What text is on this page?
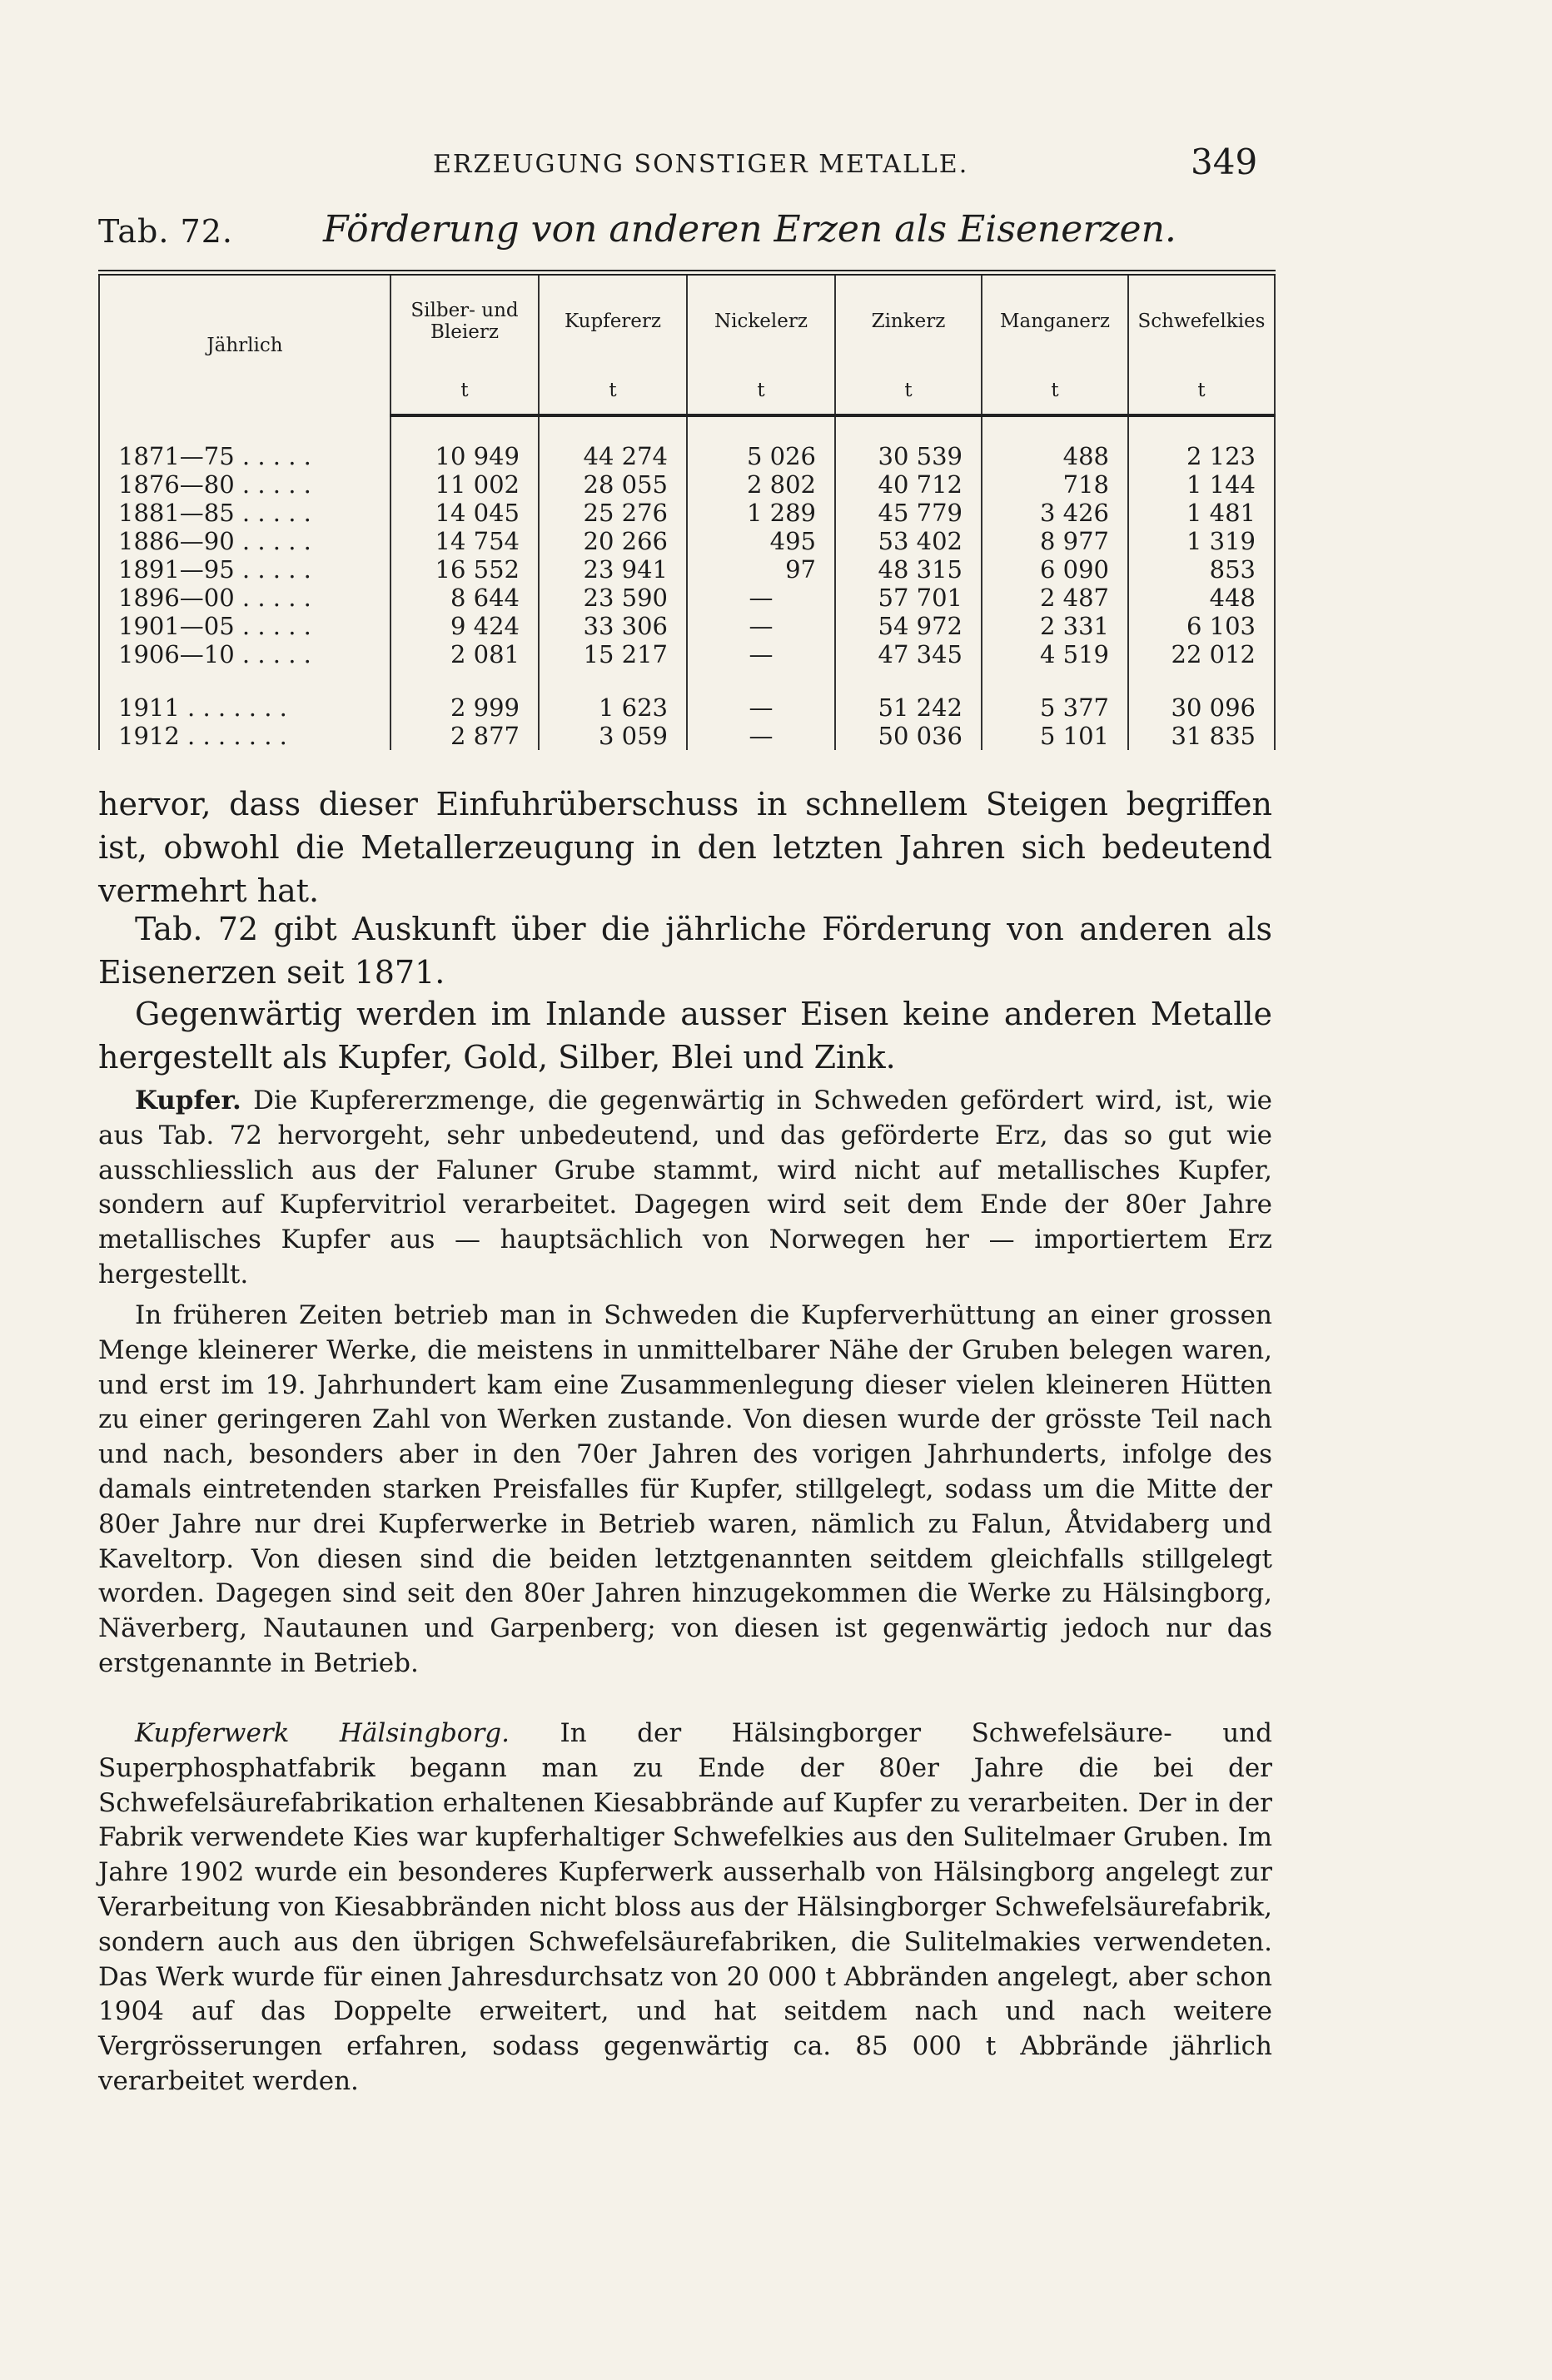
ERZEUGUNG SONSTIGER METALLE.	349
Tab. 72. Förderung von anderen Erzen als Eisenerzen.
Jährlich	Silber- und Bleierz	Kupfererz	Nickelerz	Zinkerz	Manganerz	Schwefelkies
	t	t	t	t	t	t

1871—75 . . . . .	10 949	44 274	5 026	30 539	488	2 123
1876—80 . . . . .	11 002	28 055	2 802	40 712	718	1 144
1881—85 . . . . .	14 045	25 276	1 289	45 779	3 426	1 481
1886—90 . . . . .	14 754	20 266	495	53 402	8 977	1 319
1891—95 . . . . .	16 552	23 941	97	48 315	6 090	853
1896—00 . . . . .	8 644	23 590	—	57 701	2 487	448
1901—05 . . . . .	9 424	33 306	—	54 972	2 331	6 103
1906—10 . . . . .	2 081	15 217	—	47 345	4 519	22 012

1911 . . . . . . .	2 999	1 623	—	51 242	5 377	30 096
1912 . . . . . . .	2 877	3 059	—	50 036	5 101	31 835

hervor, dass dieser Einfuhrüberschuss in schnellem Steigen begriffen ist, obwohl die Metallerzeugung in den letzten Jahren sich bedeutend vermehrt hat.

Tab. 72 gibt Auskunft über die jährliche Förderung von anderen als Eisenerzen seit 1871.

Gegenwärtig werden im Inlande ausser Eisen keine anderen Metalle hergestellt als Kupfer, Gold, Silber, Blei und Zink.

Kupfer. Die Kupfererzmenge, die gegenwärtig in Schweden gefördert wird, ist, wie aus Tab. 72 hervorgeht, sehr unbedeutend, und das geförderte Erz, das so gut wie ausschliesslich aus der Faluner Grube stammt, wird nicht auf metallisches Kupfer, sondern auf Kupfervitriol verarbeitet. Dagegen wird seit dem Ende der 80er Jahre metallisches Kupfer aus — hauptsächlich von Norwegen her — importiertem Erz hergestellt.

In früheren Zeiten betrieb man in Schweden die Kupferverhüttung an einer grossen Menge kleinerer Werke, die meistens in unmittelbarer Nähe der Gruben belegen waren, und erst im 19. Jahrhundert kam eine Zusammenlegung dieser vielen kleineren Hütten zu einer geringeren Zahl von Werken zustande. Von diesen wurde der grösste Teil nach und nach, besonders aber in den 70er Jahren des vorigen Jahrhunderts, infolge des damals eintretenden starken Preisfalles für Kupfer, stillgelegt, sodass um die Mitte der 80er Jahre nur drei Kupferwerke in Betrieb waren, nämlich zu Falun, Åtvidaberg und Kaveltorp. Von diesen sind die beiden letztgenannten seitdem gleichfalls stillgelegt worden. Dagegen sind seit den 80er Jahren hinzugekommen die Werke zu Hälsingborg, Näverberg, Nautaunen und Garpenberg; von diesen ist gegenwärtig jedoch nur das erstgenannte in Betrieb.

Kupferwerk Hälsingborg. In der Hälsingborger Schwefelsäure- und Superphosphatfabrik begann man zu Ende der 80er Jahre die bei der Schwefelsäurefabrikation erhaltenen Kiesabbrände auf Kupfer zu verarbeiten. Der in der Fabrik verwendete Kies war kupferhaltiger Schwefelkies aus den Sulitelmaer Gruben. Im Jahre 1902 wurde ein besonderes Kupferwerk ausserhalb von Hälsingborg angelegt zur Verarbeitung von Kiesabbränden nicht bloss aus der Hälsingborger Schwefelsäurefabrik, sondern auch aus den übrigen Schwefelsäurefabriken, die Sulitelmakies verwendeten. Das Werk wurde für einen Jahresdurchsatz von 20 000 t Abbränden angelegt, aber schon 1904 auf das Doppelte erweitert, und hat seitdem nach und nach weitere Vergrösserungen erfahren, sodass gegenwärtig ca. 85 000 t Abbrände jährlich verarbeitet werden.
